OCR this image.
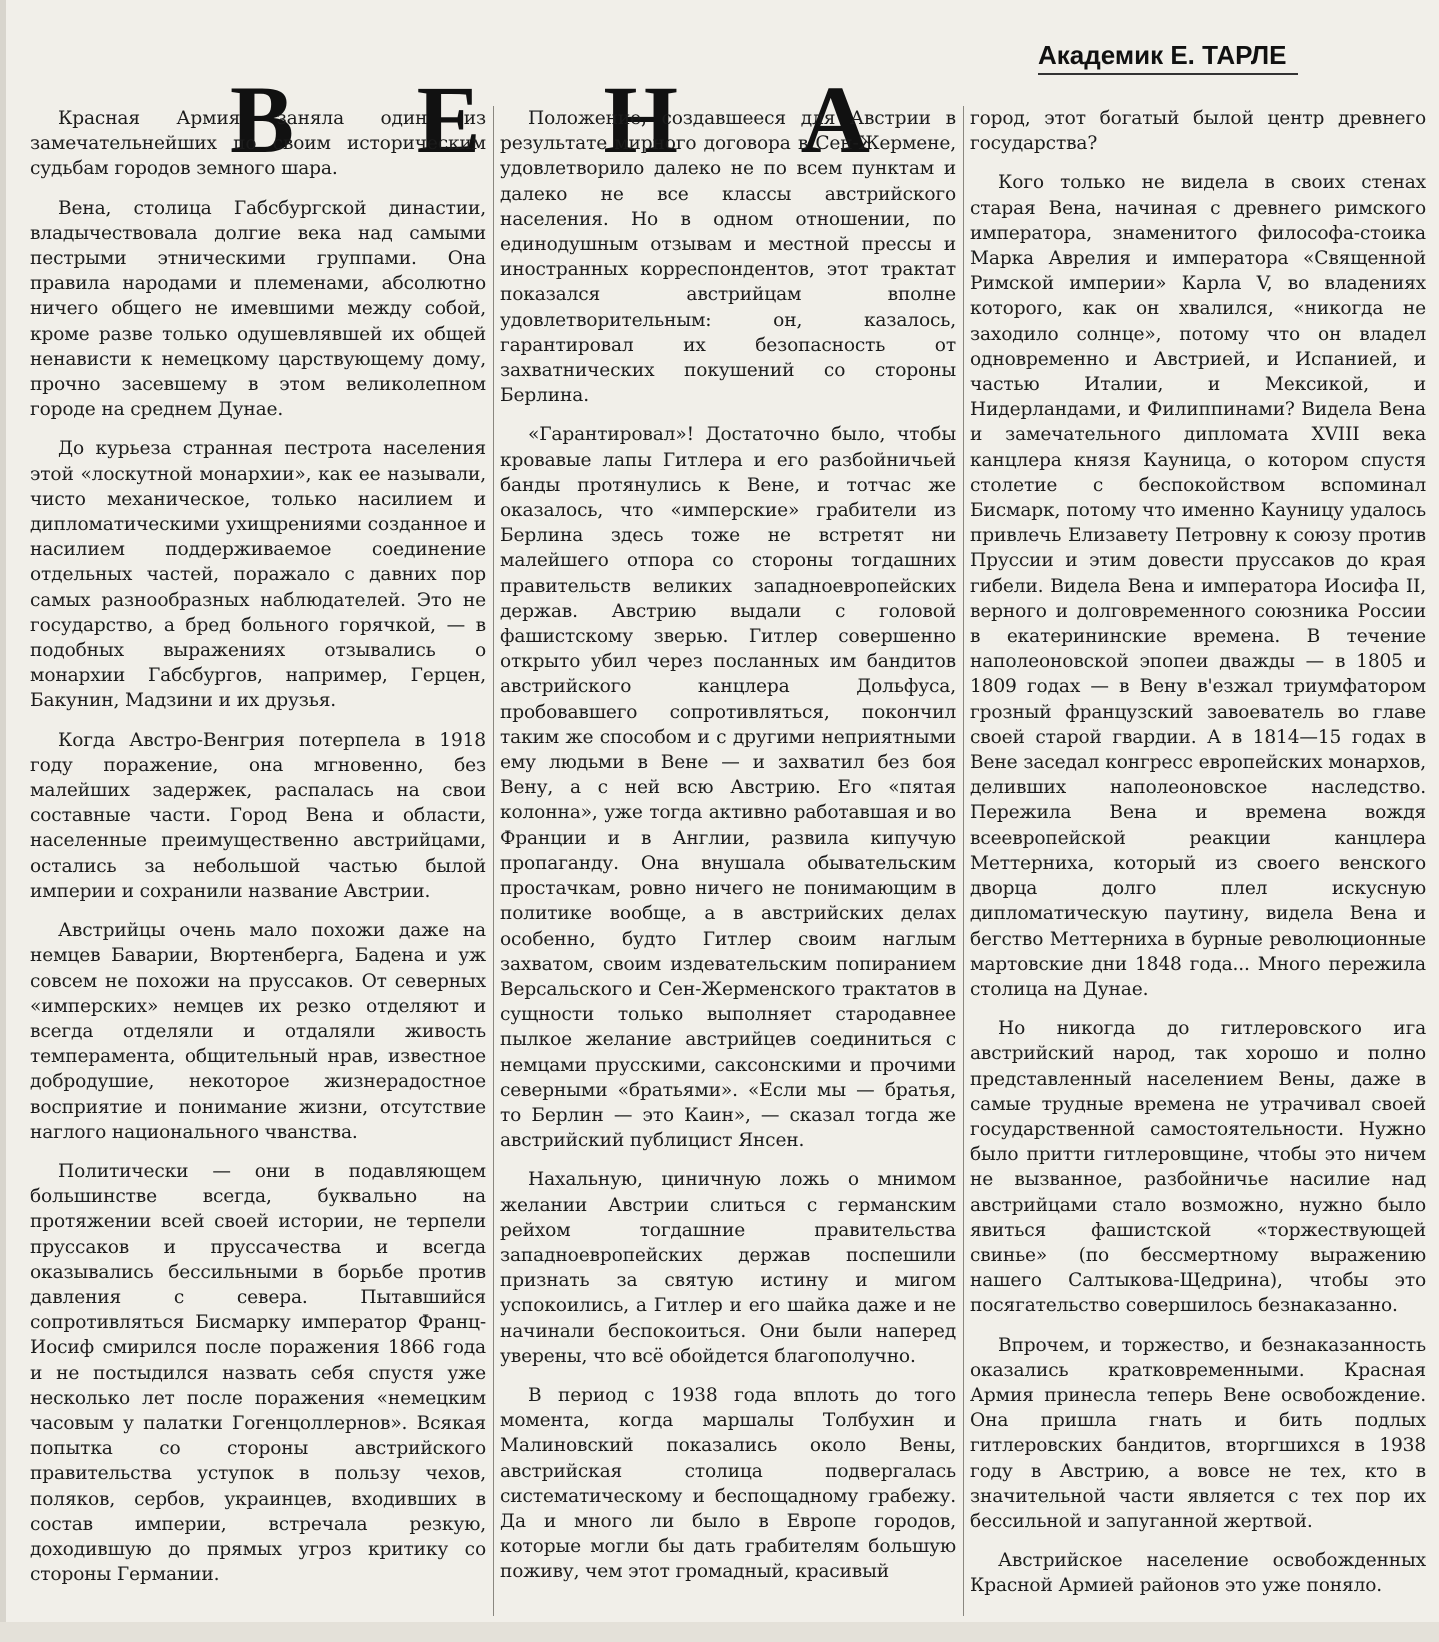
В Е Н А
Академик Е. ТАРЛЕ

Красная Армия заняла один из замечательнейших по своим историческим судьбам городов земного шара.

Вена, столица Габсбургской династии, владычествовала долгие века над самыми пестрыми этническими группами. Она правила народами и племенами, абсолютно ничего общего не имевшими между собой, кроме разве только одушевлявшей их общей ненависти к немецкому царствующему дому, прочно засевшему в этом великолепном городе на среднем Дунае.

До курьеза странная пестрота населения этой «лоскутной монархии», как ее называли, чисто механическое, только насилием и дипломатическими ухищрениями созданное и насилием поддерживаемое соединение отдельных частей, поражало с давних пор самых разнообразных наблюдателей. Это не государство, а бред больного горячкой, — в подобных выражениях отзывались о монархии Габсбургов, например, Герцен, Бакунин, Мадзини и их друзья.

Когда Австро-Венгрия потерпела в 1918 году поражение, она мгновенно, без малейших задержек, распалась на свои составные части. Город Вена и области, населенные преимущественно австрийцами, остались за небольшой частью былой империи и сохранили название Австрии.

Австрийцы очень мало похожи даже на немцев Баварии, Вюртенберга, Бадена и уж совсем не похожи на пруссаков. От северных «имперских» немцев их резко отделяют и всегда отделяли и отдаляли живость темперамента, общительный нрав, известное добродушие, некоторое жизнерадостное восприятие и понимание жизни, отсутствие наглого национального чванства.

Политически — они в подавляющем большинстве всегда, буквально на протяжении всей своей истории, не терпели пруссаков и пруссачества и всегда оказывались бессильными в борьбе против давления с севера. Пытавшийся сопротивляться Бисмарку император Франц-Иосиф смирился после поражения 1866 года и не постыдился назвать себя спустя уже несколько лет после поражения «немецким часовым у палатки Гогенцоллернов». Всякая попытка со стороны австрийского правительства уступок в пользу чехов, поляков, сербов, украинцев, входивших в состав империи, встречала резкую, доходившую до прямых угроз критику со стороны Германии.

Положение, создавшееся для Австрии в результате мирного договора в Сен-Жермене, удовлетворило далеко не по всем пунктам и далеко не все классы австрийского населения. Но в одном отношении, по единодушным отзывам и местной прессы и иностранных корреспондентов, этот трактат показался австрийцам вполне удовлетворительным: он, казалось, гарантировал их безопасность от захватнических покушений со стороны Берлина.

«Гарантировал»! Достаточно было, чтобы кровавые лапы Гитлера и его разбойничьей банды протянулись к Вене, и тотчас же оказалось, что «имперские» грабители из Берлина здесь тоже не встретят ни малейшего отпора со стороны тогдашних правительств великих западноевропейских держав. Австрию выдали с головой фашистскому зверью. Гитлер совершенно открыто убил через посланных им бандитов австрийского канцлера Дольфуса, пробовавшего сопротивляться, покончил таким же способом и с другими неприятными ему людьми в Вене — и захватил без боя Вену, а с ней всю Австрию. Его «пятая колонна», уже тогда активно работавшая и во Франции и в Англии, развила кипучую пропаганду. Она внушала обывательским простачкам, ровно ничего не понимающим в политике вообще, а в австрийских делах особенно, будто Гитлер своим наглым захватом, своим издевательским попиранием Версальского и Сен-Жерменского трактатов в сущности только выполняет стародавнее пылкое желание австрийцев соединиться с немцами прусскими, саксонскими и прочими северными «братьями». «Если мы — братья, то Берлин — это Каин», — сказал тогда же австрийский публицист Янсен.

Нахальную, циничную ложь о мнимом желании Австрии слиться с германским рейхом тогдашние правительства западноевропейских держав поспешили признать за святую истину и мигом успокоились, а Гитлер и его шайка даже и не начинали беспокоиться. Они были наперед уверены, что всё обойдется благополучно.

В период с 1938 года вплоть до того момента, когда маршалы Толбухин и Малиновский показались около Вены, австрийская столица подвергалась систематическому и беспощадному грабежу. Да и много ли было в Европе городов, которые могли бы дать грабителям большую поживу, чем этот громадный, красивый

город, этот богатый былой центр древнего государства?

Кого только не видела в своих стенах старая Вена, начиная с древнего римского императора, знаменитого философа-стоика Марка Аврелия и императора «Священной Римской империи» Карла V, во владениях которого, как он хвалился, «никогда не заходило солнце», потому что он владел одновременно и Австрией, и Испанией, и частью Италии, и Мексикой, и Нидерландами, и Филиппинами? Видела Вена и замечательного дипломата XVIII века канцлера князя Кауница, о котором спустя столетие с беспокойством вспоминал Бисмарк, потому что именно Кауницу удалось привлечь Елизавету Петровну к союзу против Пруссии и этим довести пруссаков до края гибели. Видела Вена и императора Иосифа II, верного и долговременного союзника России в екатерининские времена. В течение наполеоновской эпопеи дважды — в 1805 и 1809 годах — в Вену в'езжал триумфатором грозный французский завоеватель во главе своей старой гвардии. А в 1814—15 годах в Вене заседал конгресс европейских монархов, деливших наполеоновское наследство. Пережила Вена и времена вождя всеевропейской реакции канцлера Меттерниха, который из своего венского дворца долго плел искусную дипломатическую паутину, видела Вена и бегство Меттерниха в бурные революционные мартовские дни 1848 года... Много пережила столица на Дунае.

Но никогда до гитлеровского ига австрийский народ, так хорошо и полно представленный населением Вены, даже в самые трудные времена не утрачивал своей государственной самостоятельности. Нужно было притти гитлеровщине, чтобы это ничем не вызванное, разбойничье насилие над австрийцами стало возможно, нужно было явиться фашистской «торжествующей свинье» (по бессмертному выражению нашего Салтыкова-Щедрина), чтобы это посягательство совершилось безнаказанно.

Впрочем, и торжество, и безнаказанность оказались кратковременными. Красная Армия принесла теперь Вене освобождение. Она пришла гнать и бить подлых гитлеровских бандитов, вторгшихся в 1938 году в Австрию, а вовсе не тех, кто в значительной части является с тех пор их бессильной и запуганной жертвой.

Австрийское население освобожденных Красной Армией районов это уже поняло.
